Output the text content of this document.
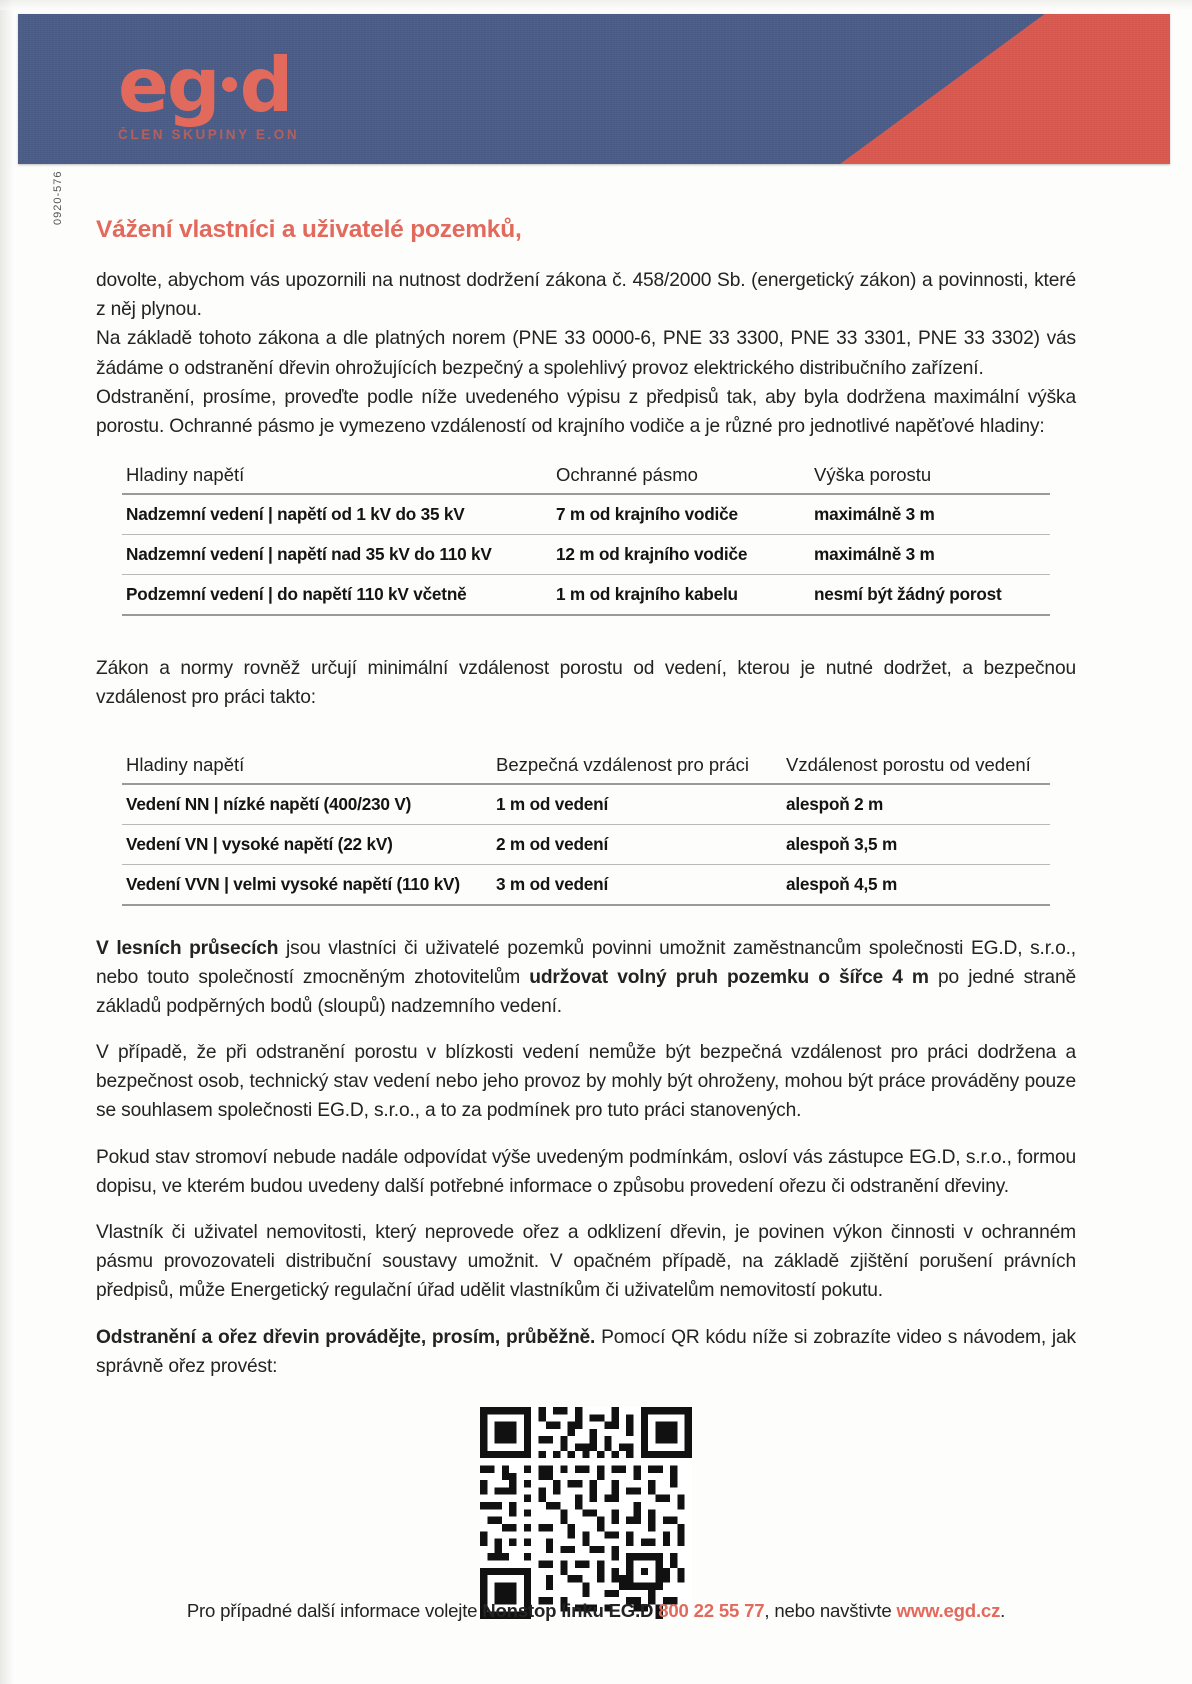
eg d
ČLEN SKUPINY E.ON
0920-576
Vážení vlastníci a uživatelé pozemků,

dovolte, abychom vás upozornili na nutnost dodržení zákona č. 458/2000 Sb. (energetický zákon) a povinnosti, které z něj plynou.

Na základě tohoto zákona a dle platných norem (PNE 33 0000-6, PNE 33 3300, PNE 33 3301, PNE 33 3302) vás žádáme o odstranění dřevin ohrožujících bezpečný a spolehlivý provoz elektrického distribučního zařízení.

Odstranění, prosíme, proveďte podle níže uvedeného výpisu z předpisů tak, aby byla dodržena maximální výška porostu. Ochranné pásmo je vymezeno vzdáleností od krajního vodiče a je různé pro jednotlivé napěťové hladiny:

Hladiny napětí	Ochranné pásmo	Výška porostu
Nadzemní vedení | napětí od 1 kV do 35 kV	7 m od krajního vodiče	maximálně 3 m
Nadzemní vedení | napětí nad 35 kV do 110 kV	12 m od krajního vodiče	maximálně 3 m
Podzemní vedení | do napětí 110 kV včetně	1 m od krajního kabelu	nesmí být žádný porost

Zákon a normy rovněž určují minimální vzdálenost porostu od vedení, kterou je nutné dodržet, a bezpečnou vzdálenost pro práci takto:

Hladiny napětí	Bezpečná vzdálenost pro práci	Vzdálenost porostu od vedení
Vedení NN | nízké napětí (400/230 V)	1 m od vedení	alespoň 2 m
Vedení VN | vysoké napětí (22 kV)	2 m od vedení	alespoň 3,5 m
Vedení VVN | velmi vysoké napětí (110 kV)	3 m od vedení	alespoň 4,5 m

V lesních průsecích jsou vlastníci či uživatelé pozemků povinni umožnit zaměstnancům společnosti EG.D, s.r.o., nebo touto společností zmocněným zhotovitelům udržovat volný pruh pozemku o šířce 4 m po jedné straně základů podpěrných bodů (sloupů) nadzemního vedení.

V případě, že při odstranění porostu v blízkosti vedení nemůže být bezpečná vzdálenost pro práci dodržena a bezpečnost osob, technický stav vedení nebo jeho provoz by mohly být ohroženy, mohou být práce prováděny pouze se souhlasem společnosti EG.D, s.r.o., a to za podmínek pro tuto práci stanovených.

Pokud stav stromoví nebude nadále odpovídat výše uvedeným podmínkám, osloví vás zástupce EG.D, s.r.o., formou dopisu, ve kterém budou uvedeny další potřebné informace o způsobu provedení ořezu či odstranění dřeviny.

Vlastník či uživatel nemovitosti, který neprovede ořez a odklizení dřevin, je povinen výkon činnosti v ochranném pásmu provozovateli distribuční soustavy umožnit. V opačném případě, na základě zjištění porušení právních předpisů, může Energetický regulační úřad udělit vlastníkům či uživatelům nemovitostí pokutu.

Odstranění a ořez dřevin provádějte, prosím, průběžně. Pomocí QR kódu níže si zobrazíte video s návodem, jak správně ořez provést:

Pro případné další informace volejte Nonstop linku EG.D 800 22 55 77, nebo navštivte www.egd.cz.
